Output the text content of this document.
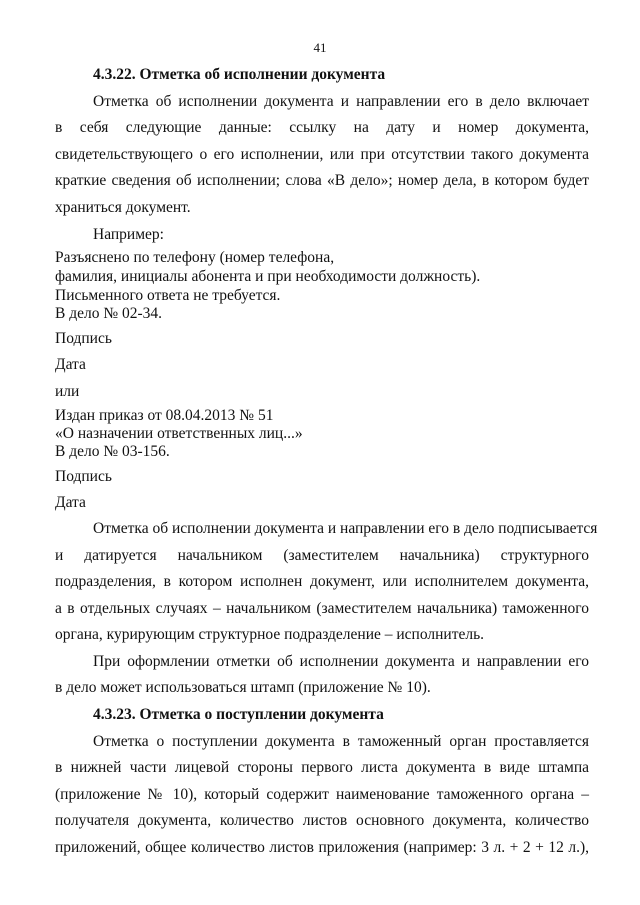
41
4.3.22. Отметка об исполнении документа
Отметка об исполнении документа и направлении его в дело включает
в себя следующие данные: ссылку на дату и номер документа,
свидетельствующего о его исполнении, или при отсутствии такого документа
краткие сведения об исполнении; слова «В дело»; номер дела, в котором будет
храниться документ.
Например:
Разъяснено по телефону (номер телефона,
фамилия, инициалы абонента и при необходимости должность).
Письменного ответа не требуется.
В дело № 02-34.
Подпись
Дата
или
Издан приказ от 08.04.2013 № 51
«О назначении ответственных лиц...»
В дело № 03-156.
Подпись
Дата
Отметка об исполнении документа и направлении его в дело подписывается
и датируется начальником (заместителем начальника) структурного
подразделения, в котором исполнен документ, или исполнителем документа,
а в отдельных случаях – начальником (заместителем начальника) таможенного
органа, курирующим структурное подразделение – исполнитель.
При оформлении отметки об исполнении документа и направлении его
в дело может использоваться штамп (приложение № 10).
4.3.23. Отметка о поступлении документа
Отметка о поступлении документа в таможенный орган проставляется
в нижней части лицевой стороны первого листа документа в виде штампа
(приложение № 10), который содержит наименование таможенного органа –
получателя документа, количество листов основного документа, количество
приложений, общее количество листов приложения (например: 3 л. + 2 + 12 л.),
